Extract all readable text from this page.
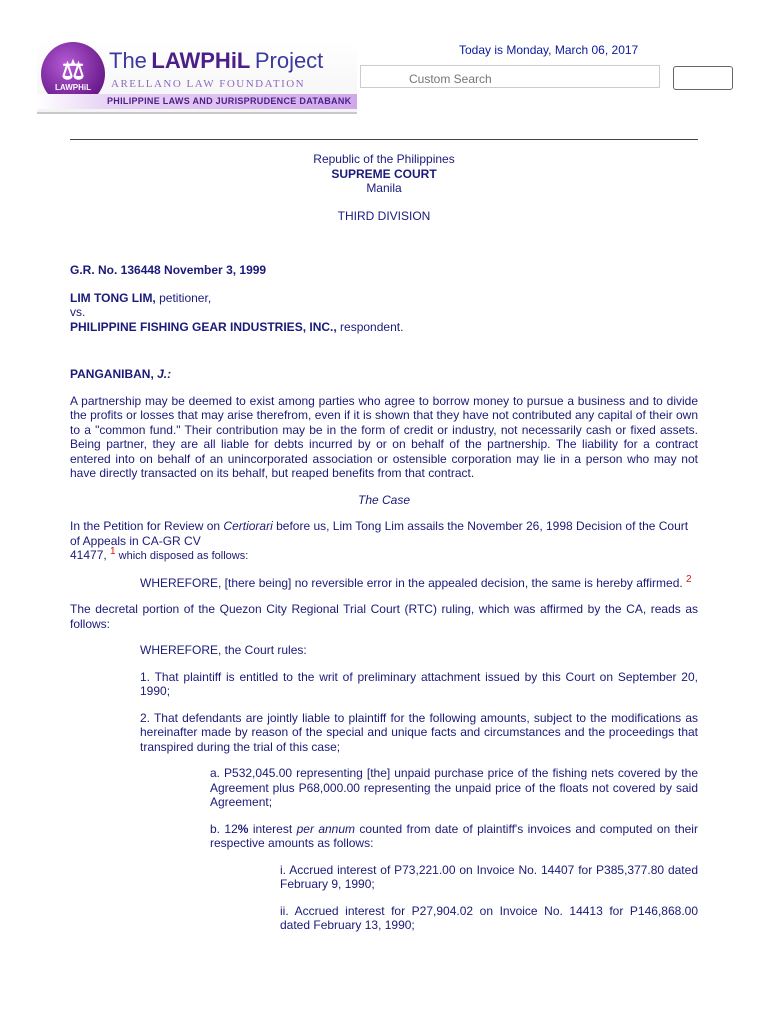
⚖
LAWPHiL
The LAWPHiL Project
ARELLANO LAW FOUNDATION
PHILIPPINE LAWS AND JURISPRUDENCE DATABANK
Today is Monday, March 06, 2017
Custom Search
Republic of the Philippines
SUPREME COURT
Manila
THIRD DIVISION

G.R. No. 136448 November 3, 1999

LIM TONG LIM, petitioner,
vs.
PHILIPPINE FISHING GEAR INDUSTRIES, INC., respondent.

PANGANIBAN, J.:

A partnership may be deemed to exist among parties who agree to borrow money to pursue a business and to divide the profits or losses that may arise therefrom, even if it is shown that they have not contributed any capital of their own to a "common fund." Their contribution may be in the form of credit or industry, not necessarily cash or fixed assets. Being partner, they are all liable for debts incurred by or on behalf of the partnership. The liability for a contract entered into on behalf of an unincorporated association or ostensible corporation may lie in a person who may not have directly transacted on its behalf, but reaped benefits from that contract.

The Case

In the Petition for Review on Certiorari before us, Lim Tong Lim assails the November 26, 1998 Decision of the Court of Appeals in CA-GR CV
41477, $^1$ which disposed as follows:

WHEREFORE, [there being] no reversible error in the appealed decision, the same is hereby affirmed. $^2$

The decretal portion of the Quezon City Regional Trial Court (RTC) ruling, which was affirmed by the CA, reads as follows:

WHEREFORE, the Court rules:

1. That plaintiff is entitled to the writ of preliminary attachment issued by this Court on September 20, 1990;

2. That defendants are jointly liable to plaintiff for the following amounts, subject to the modifications as hereinafter made by reason of the special and unique facts and circumstances and the proceedings that transpired during the trial of this case;

a. P532,045.00 representing [the] unpaid purchase price of the fishing nets covered by the Agreement plus P68,000.00 representing the unpaid price of the floats not covered by said Agreement;

b. 12% interest per annum counted from date of plaintiff's invoices and computed on their respective amounts as follows:

i. Accrued interest of P73,221.00 on Invoice No. 14407 for P385,377.80 dated February 9, 1990;

ii. Accrued interest for P27,904.02 on Invoice No. 14413 for P146,868.00 dated February 13, 1990;
